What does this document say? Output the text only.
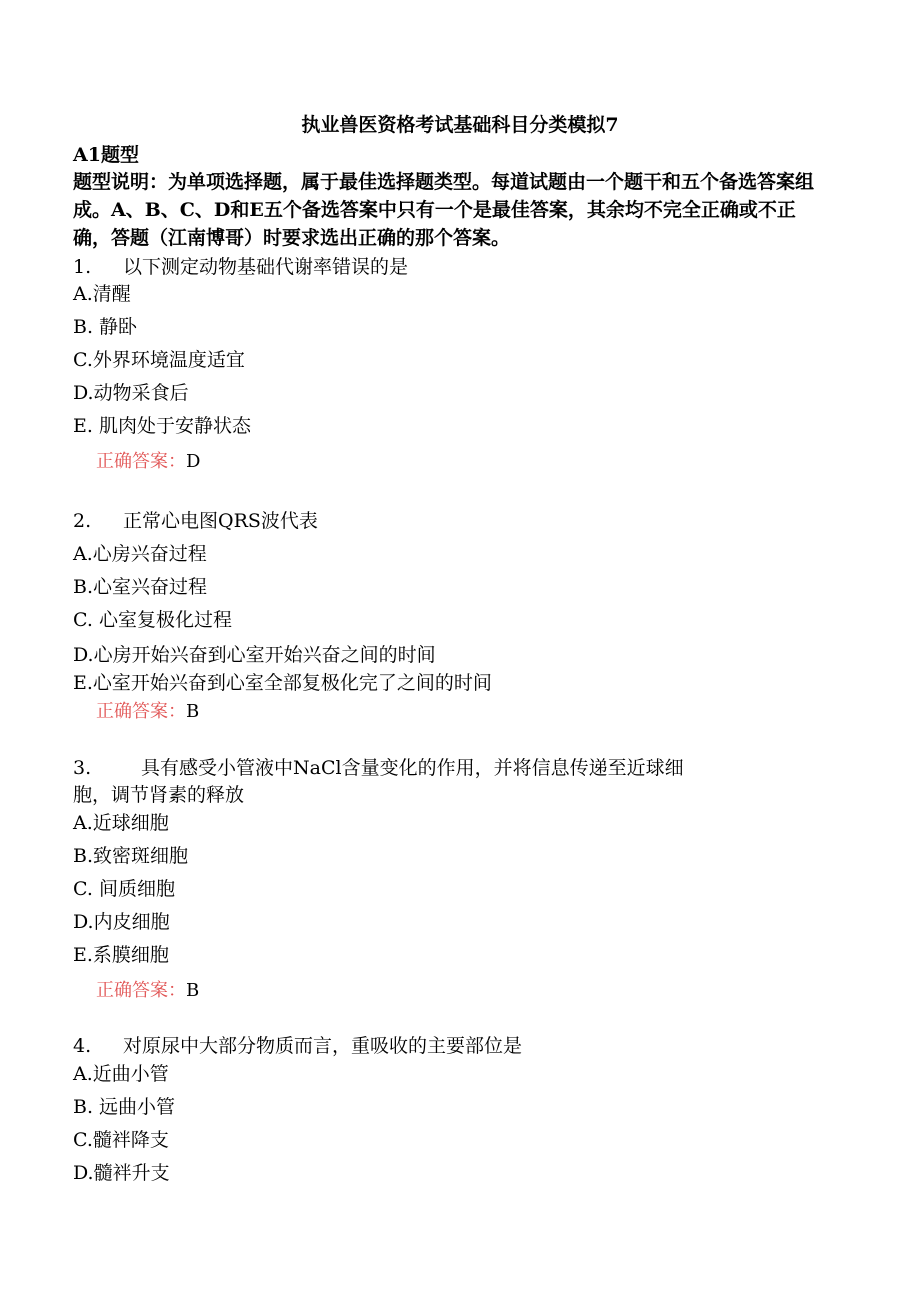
执业兽医资格考试基础科目分类模拟7
A1题型
题型说明：为单项选择题，属于最佳选择题类型。每道试题由一个题干和五个备选答案组成。A、B、C、D和E五个备选答案中只有一个是最佳答案，其余均不完全正确或不正确，答题（江南博哥）时要求选出正确的那个答案。
1. 以下测定动物基础代谢率错误的是
A.清醒
B. 静卧
C.外界环境温度适宜
D.动物采食后
E. 肌肉处于安静状态
正确答案：D
2. 正常心电图QRS波代表
A.心房兴奋过程
B.心室兴奋过程
C. 心室复极化过程
D.心房开始兴奋到心室开始兴奋之间的时间
E.心室开始兴奋到心室全部复极化完了之间的时间
正确答案：B
3.	具有感受小管液中NaCl含量变化的作用，并将信息传递至近球细
胞，调节肾素的释放
A.近球细胞
B.致密斑细胞
C. 间质细胞
D.内皮细胞
E.系膜细胞
正确答案：B
4. 对原尿中大部分物质而言，重吸收的主要部位是
A.近曲小管
B. 远曲小管
C.髓袢降支
D.髓袢升支
